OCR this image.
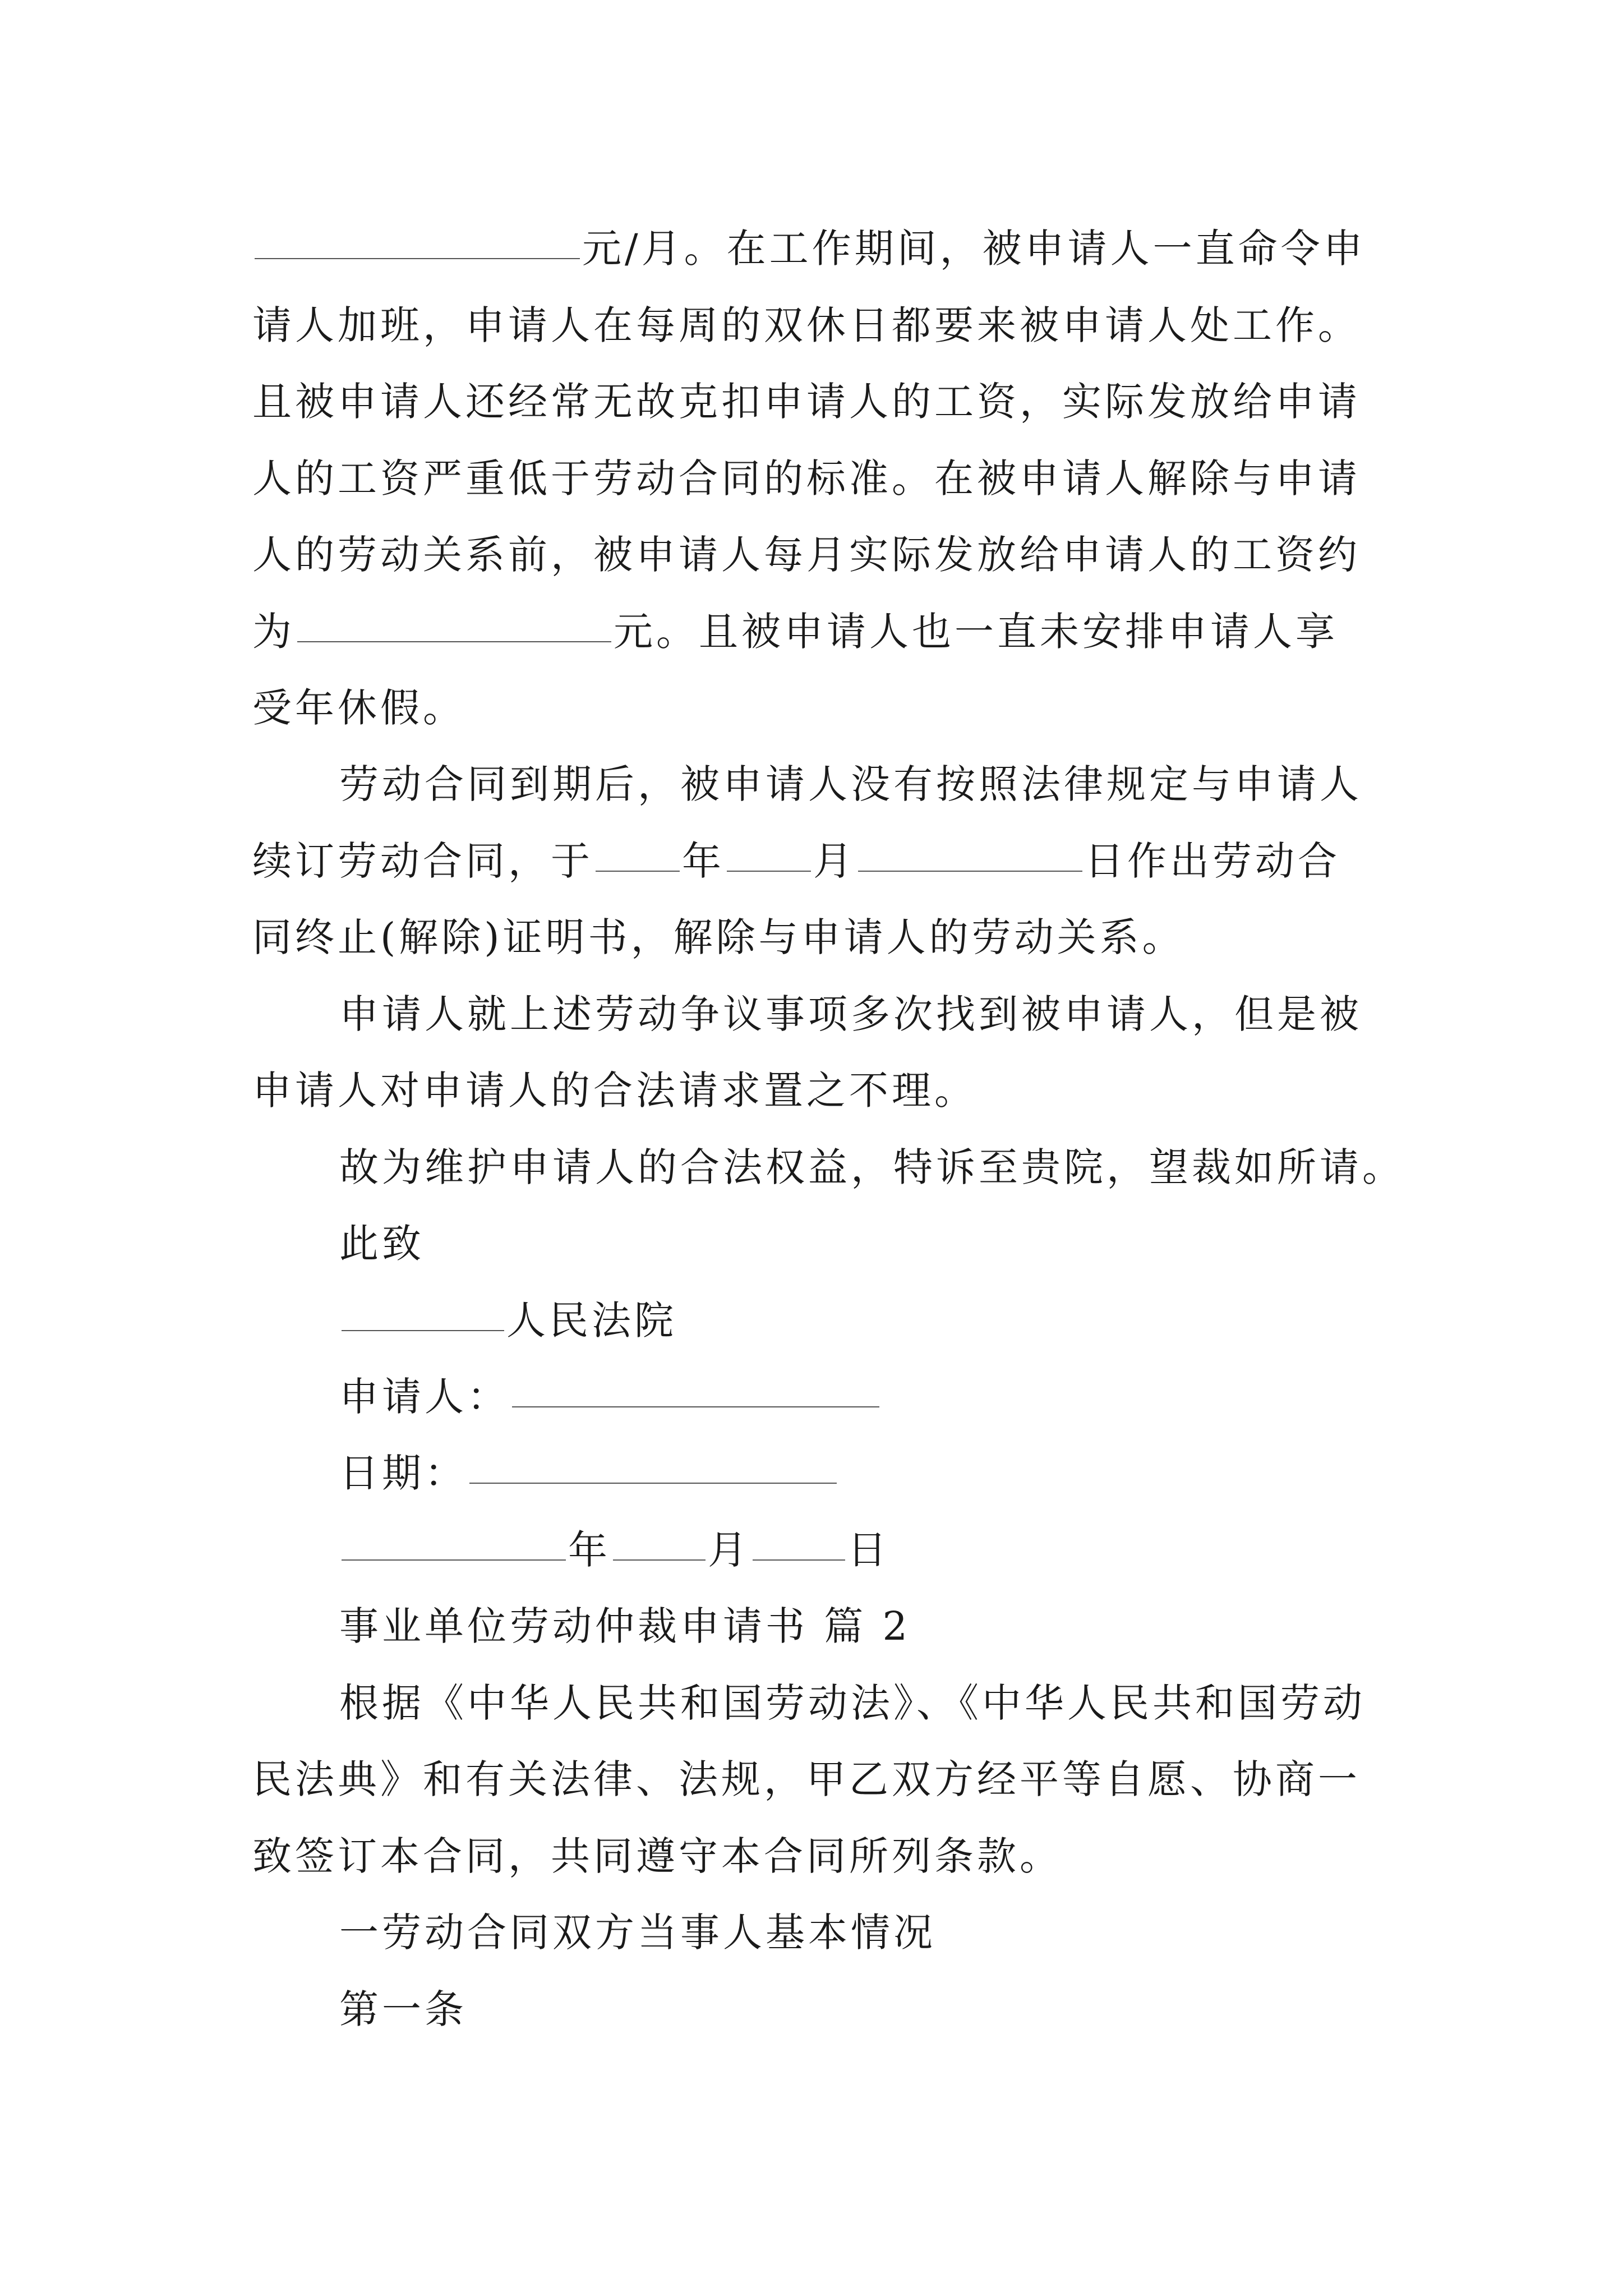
元/月。在工作期间，被申请人一直命令申
请人加班，申请人在每周的双休日都要来被申请人处工作。
且被申请人还经常无故克扣申请人的工资，实际发放给申请
人的工资严重低于劳动合同的标准。在被申请人解除与申请
人的劳动关系前，被申请人每月实际发放给申请人的工资约
为	元。且被申请人也一直未安排申请人享
受年休假。
劳动合同到期后，被申请人没有按照法律规定与申请人
续订劳动合同，于 年 月	日作出劳动合
同终止(解除)证明书，解除与申请人的劳动关系。
申请人就上述劳动争议事项多次找到被申请人，但是被
申请人对申请人的合法请求置之不理。
故为维护申请人的合法权益，特诉至贵院，望裁如所请。
此致
人民法院
申请人：
日期：
年 月 日
事业单位劳动仲裁申请书 篇 2
根据《中华人民共和国劳动法》、《中华人民共和国劳动
民法典》和有关法律、法规，甲乙双方经平等自愿、协商一
致签订本合同，共同遵守本合同所列条款。
一劳动合同双方当事人基本情况
第一条
